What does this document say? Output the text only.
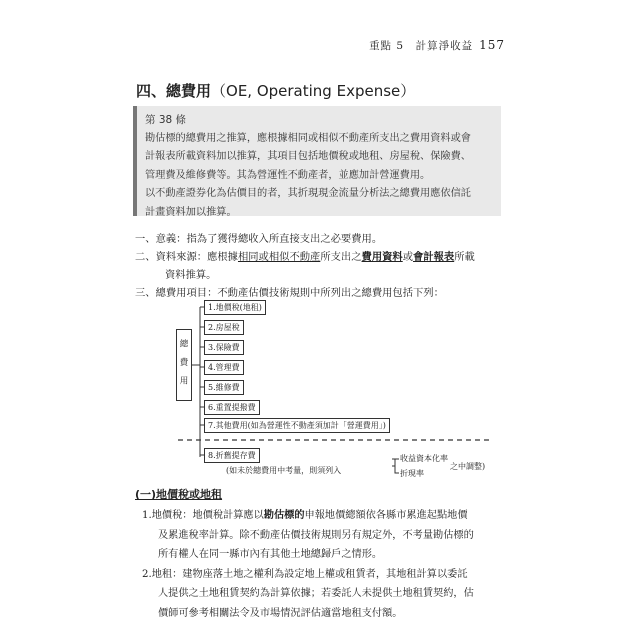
重點 5　計算淨收益 157
四、總費用（OE, Operating Expense）
第 38 條
勘估標的總費用之推算，應根據相同或相似不動產所支出之費用資料或會
計報表所載資料加以推算，其項目包括地價稅或地租、房屋稅、保險費、
管理費及維修費等。其為營運性不動產者，並應加計營運費用。
以不動產證券化為估價目的者，其折現現金流量分析法之總費用應依信託
計畫資料加以推算。
一、意義：指為了獲得總收入所直接支出之必要費用。
二、資料來源：應根據相同或相似不動產所支出之費用資料或會計報表所載
資料推算。
三、總費用項目：不動產估價技術規則中所列出之總費用包括下列：
總費用
1.地價稅(地租)
2.房屋稅
3.保險費
4.管理費
5.維修費
6.重置提撥費
7.其他費用(如為營運性不動產須加計「營運費用」)
8.折舊提存費
(如未於總費用中考量，則須列入
收益資本化率
折現率
之中調整)
(一)地價稅或地租
1.地價稅：地價稅計算應以勘估標的申報地價總額依各縣市累進起點地價
及累進稅率計算。除不動產估價技術規則另有規定外，不考量勘估標的
所有權人在同一縣市內有其他土地總歸戶之情形。
2.地租：建物座落土地之權利為設定地上權或租賃者，其地租計算以委託
人提供之土地租賃契約為計算依據；若委託人未提供土地租賃契約，估
價師可參考相關法令及市場情況評估適當地租支付額。
